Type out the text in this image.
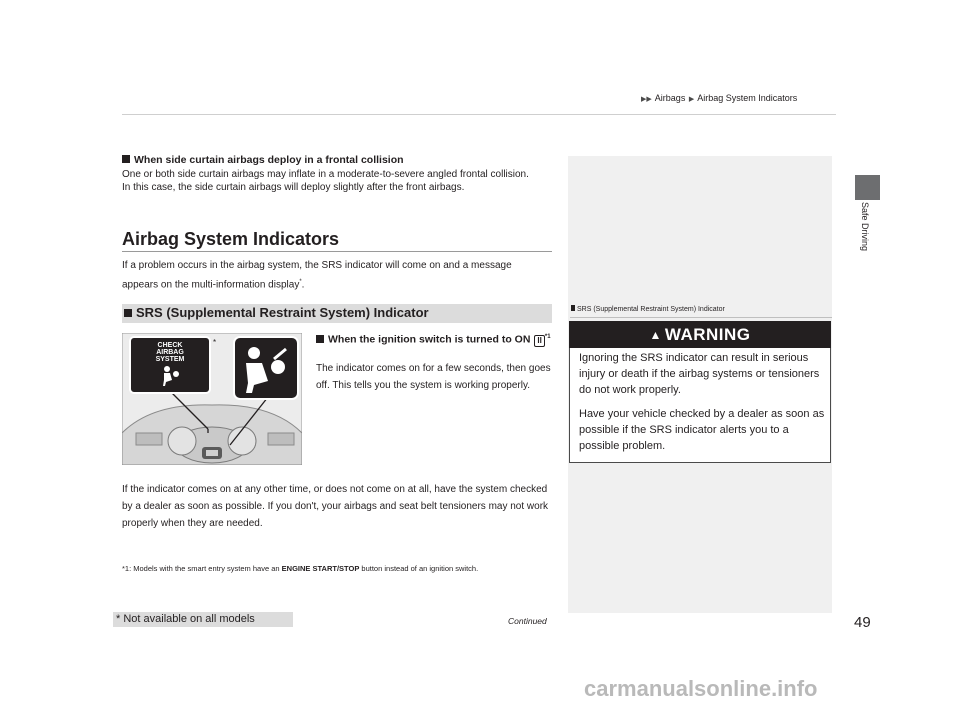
▶▶ Airbags ▶ Airbag System Indicators
Safe Driving
When side curtain airbags deploy in a frontal collision
One or both side curtain airbags may inflate in a moderate-to-severe angled frontal collision.
In this case, the side curtain airbags will deploy slightly after the front airbags.
Airbag System Indicators
If a problem occurs in the airbag system, the SRS indicator will come on and a message appears on the multi-information display*.
SRS (Supplemental Restraint System) Indicator
CHECK
AIRBAG
SYSTEM
*	When the ignition switch is turned to ON II $^{*1}$
The indicator comes on for a few seconds, then goes off. This tells you the system is working properly.
If the indicator comes on at any other time, or does not come on at all, have the system checked by a dealer as soon as possible. If you don't, your airbags and seat belt tensioners may not work properly when they are needed.
*1: Models with the smart entry system have an ENGINE START/STOP button instead of an ignition switch.
SRS (Supplemental Restraint System) Indicator
▲ WARNING
Ignoring the SRS indicator can result in serious injury or death if the airbag systems or tensioners do not work properly.
Have your vehicle checked by a dealer as soon as possible if the SRS indicator alerts you to a possible problem.
Continued	49
* Not available on all models
carmanualsonline.info
